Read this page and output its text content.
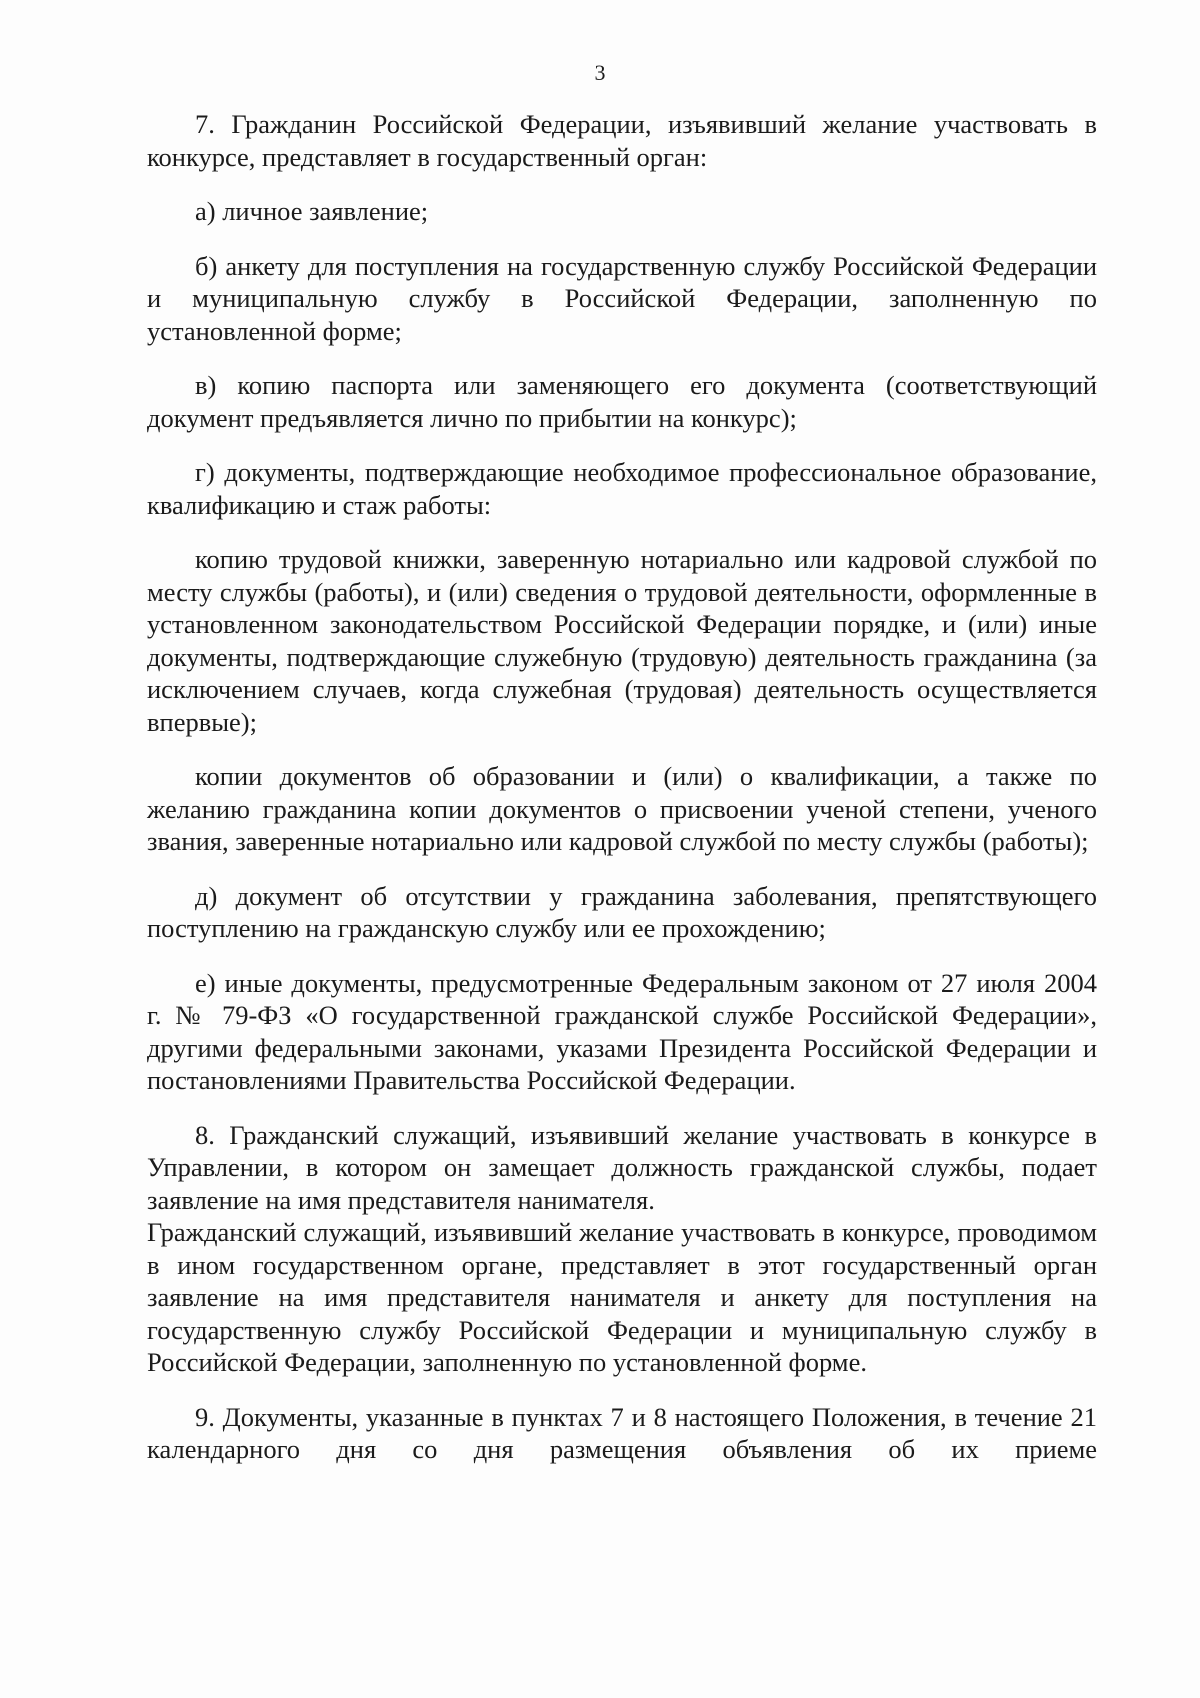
3

7. Гражданин Российской Федерации, изъявивший желание участвовать в конкурсе, представляет в государственный орган:

а) личное заявление;

б) анкету для поступления на государственную службу Российской Федерации и муниципальную службу в Российской Федерации, заполненную по установленной форме;

в) копию паспорта или заменяющего его документа (соответствующий документ предъявляется лично по прибытии на конкурс);

г) документы, подтверждающие необходимое профессиональное образование, квалификацию и стаж работы:

копию трудовой книжки, заверенную нотариально или кадровой службой по месту службы (работы), и (или) сведения о трудовой деятельности, оформленные в установленном законодательством Российской Федерации порядке, и (или) иные документы, подтверждающие служебную (трудовую) деятельность гражданина (за исключением случаев, когда служебная (трудовая) деятельность осуществляется впервые);

копии документов об образовании и (или) о квалификации, а также по желанию гражданина копии документов о присвоении ученой степени, ученого звания, заверенные нотариально или кадровой службой по месту службы (работы);

д) документ об отсутствии у гражданина заболевания, препятствующего поступлению на гражданскую службу или ее прохождению;

е) иные документы, предусмотренные Федеральным законом от 27 июля 2004 г. № 79-ФЗ «О государственной гражданской службе Российской Федерации», другими федеральными законами, указами Президента Российской Федерации и постановлениями Правительства Российской Федерации.

8. Гражданский служащий, изъявивший желание участвовать в конкурсе в Управлении, в котором он замещает должность гражданской службы, подает заявление на имя представителя нанимателя.

Гражданский служащий, изъявивший желание участвовать в конкурсе, проводимом в ином государственном органе, представляет в этот государственный орган заявление на имя представителя нанимателя и анкету для поступления на государственную службу Российской Федерации и муниципальную службу в Российской Федерации, заполненную по установленной форме.

9. Документы, указанные в пунктах 7 и 8 настоящего Положения, в течение 21 календарного дня со дня размещения объявления об их приеме
